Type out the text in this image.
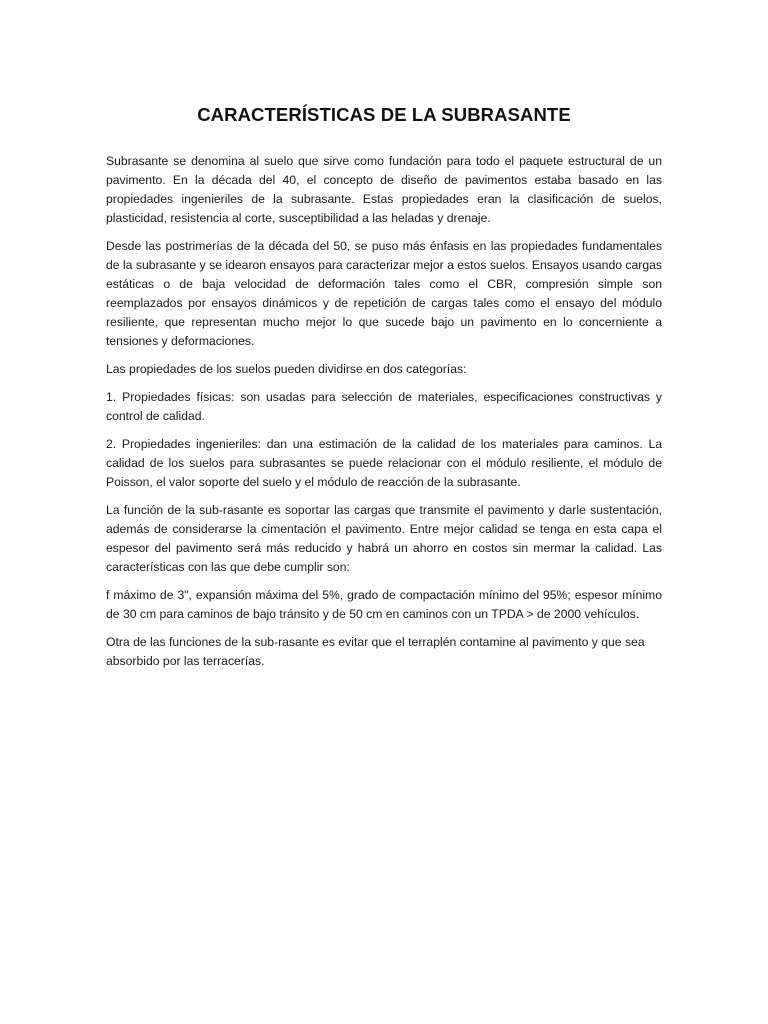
CARACTERÍSTICAS DE LA SUBRASANTE

Subrasante se denomina al suelo que sirve como fundación para todo el paquete estructural de un pavimento. En la década del 40, el concepto de diseño de pavimentos estaba basado en las propiedades ingenieriles de la subrasante. Estas propiedades eran la clasificación de suelos, plasticidad, resistencia al corte, susceptibilidad a las heladas y drenaje.

Desde las postrimerías de la década del 50, se puso más énfasis en las propiedades fundamentales de la subrasante y se idearon ensayos para caracterizar mejor a estos suelos. Ensayos usando cargas estáticas o de baja velocidad de deformación tales como el CBR, compresión simple son reemplazados por ensayos dinámicos y de repetición de cargas tales como el ensayo del módulo resiliente, que representan mucho mejor lo que sucede bajo un pavimento en lo concerniente a tensiones y deformaciones.

Las propiedades de los suelos pueden dividirse en dos categorías:

1. Propiedades físicas: son usadas para selección de materiales, especificaciones constructivas y control de calidad.

2. Propiedades ingenieriles: dan una estimación de la calidad de los materiales para caminos. La calidad de los suelos para subrasantes se puede relacionar con el módulo resiliente, el módulo de Poisson, el valor soporte del suelo y el módulo de reacción de la subrasante.

La función de la sub-rasante es soportar las cargas que transmite el pavimento y darle sustentación, además de considerarse la cimentación el pavimento. Entre mejor calidad se tenga en esta capa el espesor del pavimento será más reducido y habrá un ahorro en costos sin mermar la calidad. Las características con las que debe cumplir son:

f máximo de 3", expansión máxima del 5%, grado de compactación mínimo del 95%; espesor mínimo de 30 cm para caminos de bajo tránsito y de 50 cm en caminos con un TPDA > de 2000 vehículos.

Otra de las funciones de la sub-rasante es evitar que el terraplén contamine al pavimento y que sea absorbido por las terracerías.
